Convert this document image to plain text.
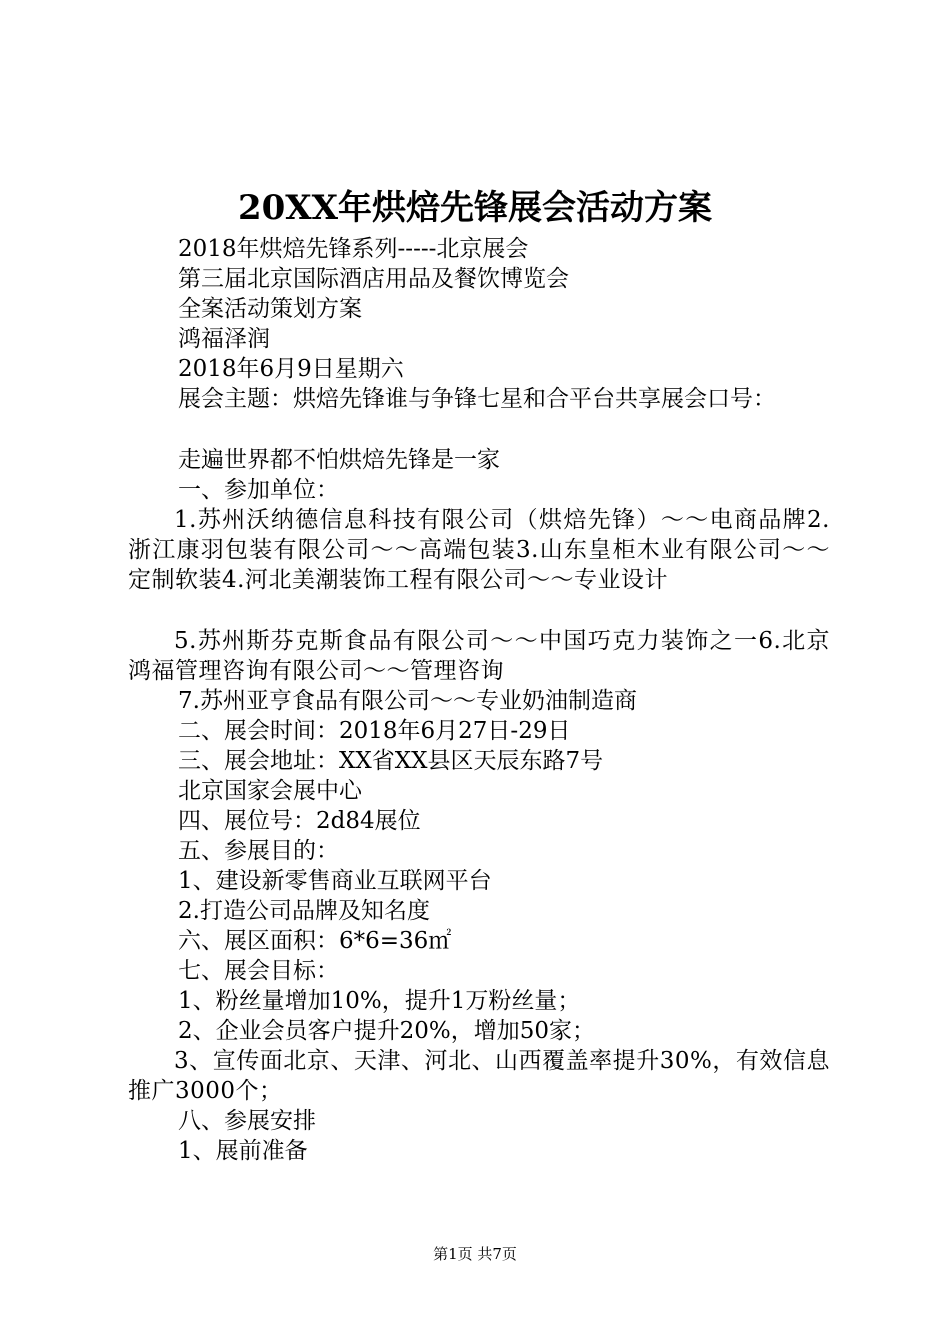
20XX年烘焙先锋展会活动方案

2018年烘焙先锋系列-----北京展会

第三届北京国际酒店用品及餐饮博览会

全案活动策划方案

鸿福泽润

2018年6月9日星期六

展会主题：烘焙先锋谁与争锋七星和合平台共享展会口号：

走遍世界都不怕烘焙先锋是一家

一、参加单位：

1.苏州沃纳德信息科技有限公司（烘焙先锋）～～电商品牌2.浙江康羽包装有限公司～～高端包装3.山东皇柜木业有限公司～～定制软装4.河北美潮装饰工程有限公司～～专业设计

5.苏州斯芬克斯食品有限公司～～中国巧克力装饰之一6.北京鸿福管理咨询有限公司～～管理咨询

7.苏州亚亨食品有限公司～～专业奶油制造商

二、展会时间：2018年6月27日-29日

三、展会地址：XX省XX县区天辰东路7号

北京国家会展中心

四、展位号：2d84展位

五、参展目的：

1、建设新零售商业互联网平台

2.打造公司品牌及知名度

六、展区面积：6*6=36㎡

七、展会目标：

1、粉丝量增加10%，提升1万粉丝量；

2、企业会员客户提升20%，增加50家；

3、宣传面北京、天津、河北、山西覆盖率提升30%，有效信息推广3000个；

八、参展安排

1、展前准备

第1页 共7页
